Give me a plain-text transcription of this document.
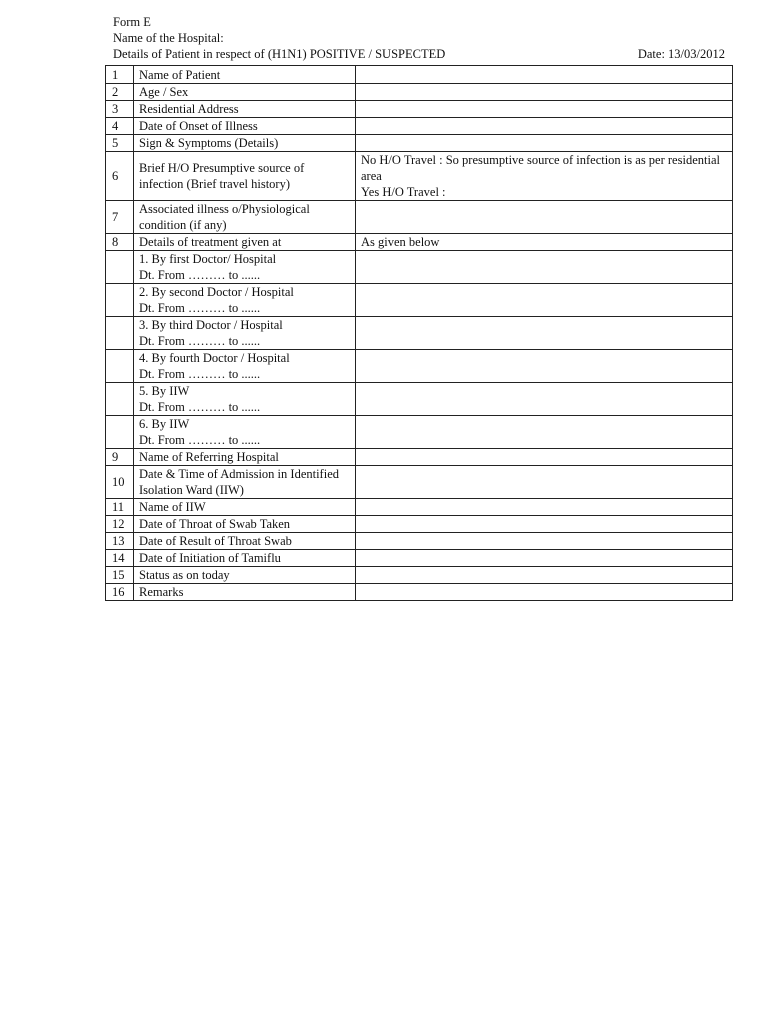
Form E
Name of the Hospital:
Details of Patient in respect of (H1N1) POSITIVE / SUSPECTED	Date: 13/03/2012
1	Name of Patient	
2	Age / Sex	
3	Residential Address	
4	Date of Onset of Illness	
5	Sign & Symptoms (Details)	
6	Brief H/O Presumptive source of infection (Brief travel history)	No H/O Travel : So presumptive source of infection is as per residential area
Yes H/O Travel :
7	Associated illness o/Physiological condition (if any)	
8	Details of treatment given at	As given below
	1. By first Doctor/ Hospital
Dt. From ……… to ......	
	2. By second Doctor / Hospital
Dt. From ……… to ......	
	3. By third Doctor / Hospital
Dt. From ……… to ......	
	4. By fourth Doctor / Hospital
Dt. From ……… to ......	
	5. By IIW
Dt. From ……… to ......	
	6. By IIW
Dt. From ……… to ......	
9	Name of Referring Hospital	
10	Date & Time of Admission in Identified Isolation Ward (IIW)	
11	Name of IIW	
12	Date of Throat of Swab Taken	
13	Date of Result of Throat Swab	
14	Date of Initiation of Tamiflu	
15	Status as on today	
16	Remarks	
